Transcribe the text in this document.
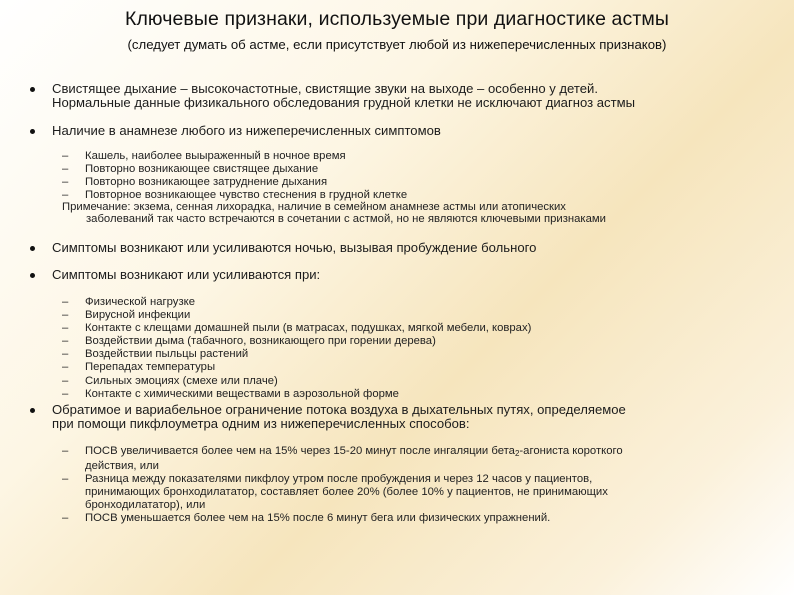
Ключевые признаки, используемые при диагностике астмы
(следует думать об астме, если присутствует любой из нижеперечисленных признаков)
Свистящее дыхание – высокочастотные, свистящие звуки на выходе – особенно у детей.
Нормальные данные физикального обследования грудной клетки не исключают диагноз астмы
Наличие в анамнезе любого из нижеперечисленных симптомов
–	Кашель, наиболее выыраженный в ночное время
–	Повторно возникающее свистящее дыхание
–	Повторно возникающее затруднение дыхания
–	Повторное возникающее чувство стеснения в грудной клетке
Примечание: экзема, сенная лихорадка, наличие в семейном анамнезе астмы или атопических
заболеваний так часто встречаются в сочетании с астмой, но не являются ключевыми признаками
Симптомы возникают или усиливаются ночью, вызывая пробуждение больного
Симптомы возникают или усиливаются при:
–	Физической нагрузке
–	Вирусной инфекции
–	Контакте с клещами домашней пыли (в матрасах, подушках, мягкой мебели, коврах)
–	Воздействии дыма (табачного, возникающего при горении дерева)
–	Воздействии пыльцы растений
–	Перепадах температуры
–	Сильных эмоциях (смехе или плаче)
–	Контакте с химическими веществами в аэрозольной форме
Обратимое и вариабельное ограничение потока воздуха в дыхательных путях, определяемое
при помощи пикфлоуметра одним из нижеперечисленных способов:
–	ПОСВ увеличивается более чем на 15% через 15-20 минут после ингаляции бета$_2$-агониста короткого
действия, или
–	Разница между показателями пикфлоу утром после пробуждения и через 12 часов у пациентов,
принимающих бронходилататор, составляет более 20% (более 10% у пациентов, не принимающих
бронходилататор), или
–	ПОСВ уменьшается более чем на 15% после 6 минут бега или физических упражнений.
